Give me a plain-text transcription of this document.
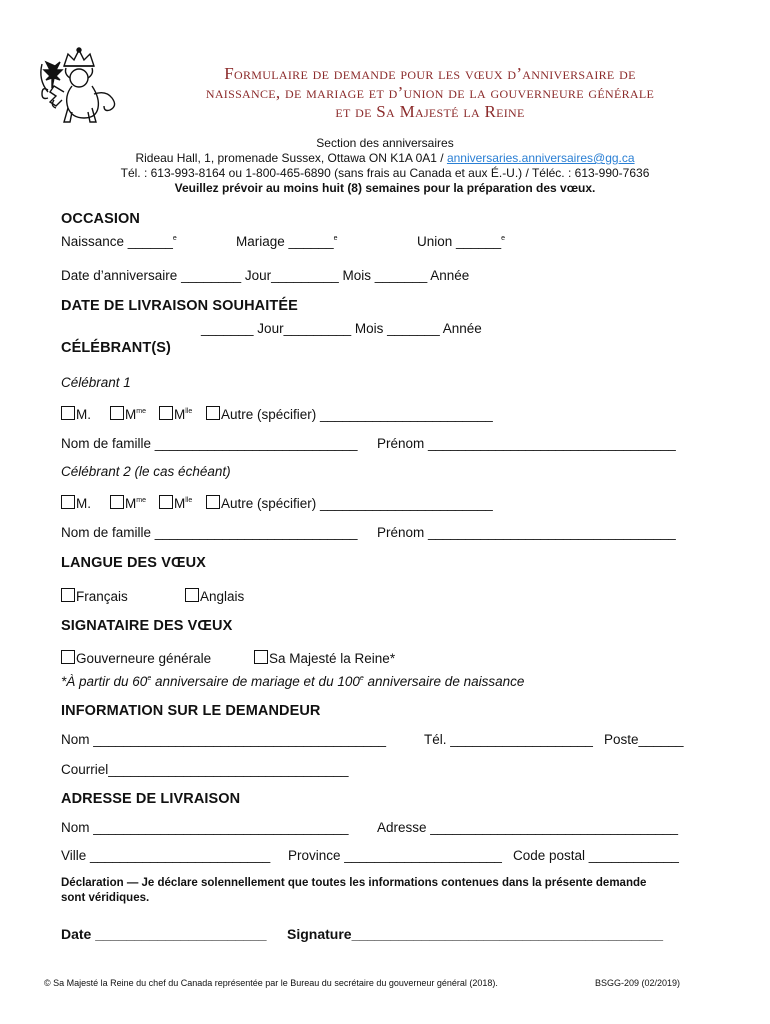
Formulaire de demande pour les vœux d’anniversaire de
naissance, de mariage et d’union de la gouverneure générale
et de Sa Majesté la Reine
Section des anniversaires
Rideau Hall, 1, promenade Sussex, Ottawa ON K1A 0A1 / anniversaries.anniversaires@gg.ca
Tél. : 613-993-8164 ou 1-800-465-6890 (sans frais au Canada et aux É.-U.) / Téléc. : 613-990-7636
Veuillez prévoir au moins huit (8) semaines pour la préparation des vœux.
OCCASION
Naissance ______$^e$	Mariage ______$^e$	Union ______$^e$
Date d’anniversaire ________ Jour_________ Mois _______ Année
DATE DE LIVRAISON SOUHAITÉE
_______ Jour_________ Mois _______ Année
CÉLÉBRANT(S)
Célébrant 1
M.	$M^{me}$	$M^{lle}$	Autre (spécifier) _______________________
Nom de famille ___________________________ Prénom _________________________________
Célébrant 2 (le cas échéant)
M.	$M^{me}$	$M^{lle}$	Autre (spécifier) _______________________
Nom de famille ___________________________ Prénom _________________________________
LANGUE DES VŒUX
Français	Anglais
SIGNATAIRE DES VŒUX
Gouverneure générale	Sa Majesté la Reine*
*À partir du 60e anniversaire de mariage et du 100e anniversaire de naissance
INFORMATION SUR LE DEMANDEUR
Nom _______________________________________	Tél. ___________________ Poste______
Courriel________________________________
ADRESSE DE LIVRAISON
Nom __________________________________ Adresse _________________________________
Ville ________________________ Province _____________________ Code postal ____________
Déclaration — Je déclare solennellement que toutes les informations contenues dans la présente demande
sont véridiques.
Date ______________________ Signature________________________________________
© Sa Majesté la Reine du chef du Canada représentée par le Bureau du secrétaire du gouverneur général (2018).	BSGG-209 (02/2019)
